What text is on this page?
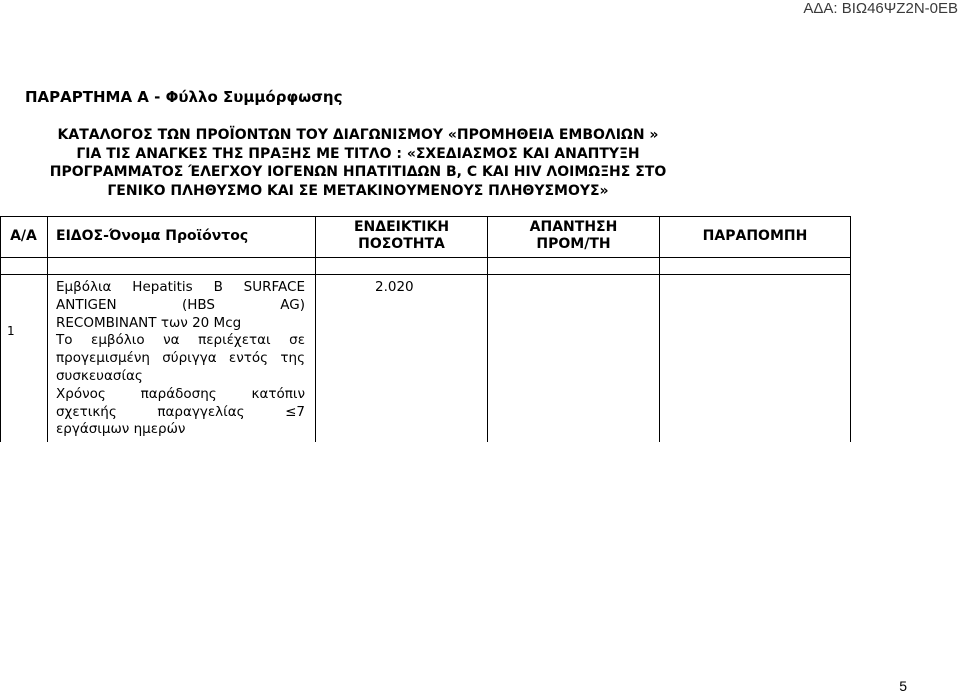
ΑΔΑ: ΒΙΩ46ΨΖ2Ν-0ΕΒ
ΠΑΡΑΡΤΗΜΑ Α - Φύλλο Συμμόρφωσης
ΚΑΤΑΛΟΓΟΣ ΤΩΝ ΠΡΟΪΟΝΤΩΝ ΤΟΥ ΔΙΑΓΩΝΙΣΜΟΥ «ΠΡΟΜΗΘΕΙΑ ΕΜΒΟΛΙΩΝ »
ΓΙΑ ΤΙΣ ΑΝΑΓΚΕΣ ΤΗΣ ΠΡΑΞΗΣ ΜΕ ΤΙΤΛΟ : «ΣΧΕΔΙΑΣΜΟΣ ΚΑΙ ΑΝΑΠΤΥΞΗ
ΠΡΟΓΡΑΜΜΑΤΟΣ ΈΛΕΓΧΟΥ ΙΟΓΕΝΩΝ ΗΠΑΤΙΤΙΔΩΝ Β, C ΚΑΙ HIV ΛΟΙΜΩΞΗΣ ΣΤΟ
ΓΕΝΙΚΟ ΠΛΗΘΥΣΜΟ ΚΑΙ ΣΕ ΜΕΤΑΚΙΝΟΥΜΕΝΟΥΣ ΠΛΗΘΥΣΜΟΥΣ»
Α/Α ΕΙΔΟΣ-Όνομα Προϊόντος
ΕΝΔΕΙΚΤΙΚΗ
ΠΟΣΟΤΗΤΑ
ΑΠΑΝΤΗΣΗ
ΠΡΟΜ/ΤΗ
ΠΑΡΑΠΟΜΠΗ
1
Εμβόλια Hepatitis B SURFACE
ANTIGEN (HBS AG)
RECOMBINANT των 20 Mcg
Το εμβόλιο να περιέχεται σε
προγεμισμένη σύριγγα εντός της
συσκευασίας
Χρόνος παράδοσης κατόπιν
σχετικής παραγγελίας ≤7
εργάσιμων ημερών
2.020
5
